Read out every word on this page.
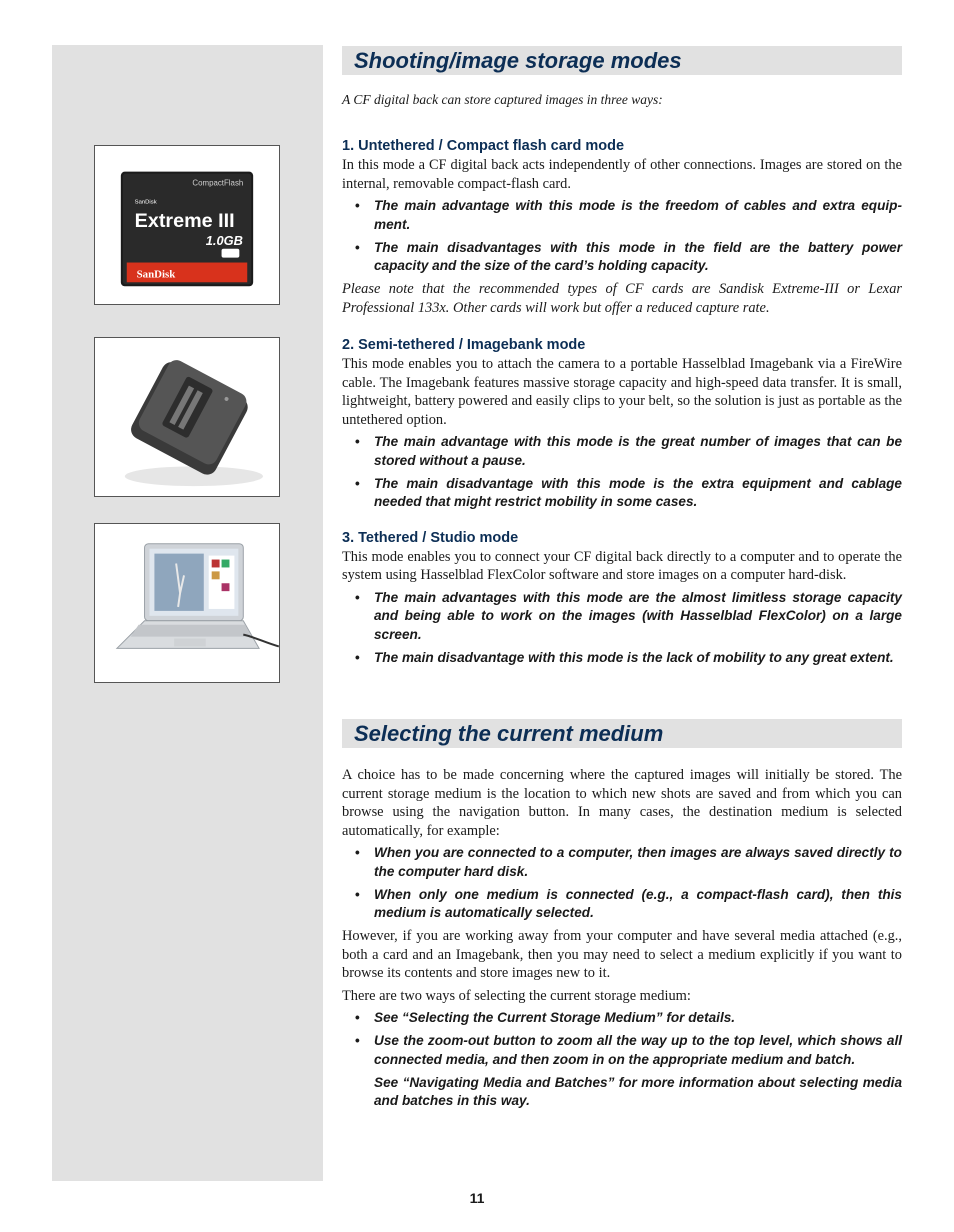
CompactFlash
SanDisk
Extreme III
1.0GB
SanDisk
Shooting/image storage modes

A CF digital back can store captured images in three ways:

1. Untethered / Compact flash card mode

In this mode a CF digital back acts independently of other connections. Images are stored on the internal, removable compact-flash card.

• The main advantage with this mode is the freedom of cables and extra equip-ment.
• The main disadvantages with this mode in the field are the battery power capacity and the size of the card’s holding capacity.

Please note that the recommended types of CF cards are Sandisk Extreme-III or Lexar Professional 133x. Other cards will work but offer a reduced capture rate.

2. Semi-tethered / Imagebank mode

This mode enables you to attach the camera to a portable Hasselblad Imagebank via a FireWire cable. The Imagebank features massive storage capacity and high-speed data transfer. It is small, lightweight, battery powered and easily clips to your belt, so the solution is just as portable as the untethered option.

• The main advantage with this mode is the great number of images that can be stored without a pause.
• The main disadvantage with this mode is the extra equipment and cablage needed that might restrict mobility in some cases.
3. Tethered / Studio mode

This mode enables you to connect your CF digital back directly to a computer and to operate the system using Hasselblad FlexColor software and store images on a computer hard-disk.

• The main advantages with this mode are the almost limitless storage capacity and being able to work on the images (with Hasselblad FlexColor) on a large screen.
• The main disadvantage with this mode is the lack of mobility to any great extent.
Selecting the current medium

A choice has to be made concerning where the captured images will initially be stored. The current storage medium is the location to which new shots are saved and from which you can browse using the navigation button. In many cases, the destination medium is selected automatically, for example:

• When you are connected to a computer, then images are always saved directly to the computer hard disk.
• When only one medium is connected (e.g., a compact-flash card), then this medium is automatically selected.

However, if you are working away from your computer and have several media attached (e.g., both a card and an Imagebank, then you may need to select a medium explicitly if you want to browse its contents and store images new to it.

There are two ways of selecting the current storage medium:

• See “Selecting the Current Storage Medium” for details.
• Use the zoom-out button to zoom all the way up to the top level, which shows all connected media, and then zoom in on the appropriate medium and batch.

See “Navigating Media and Batches” for more information about selecting media and batches in this way.

11
